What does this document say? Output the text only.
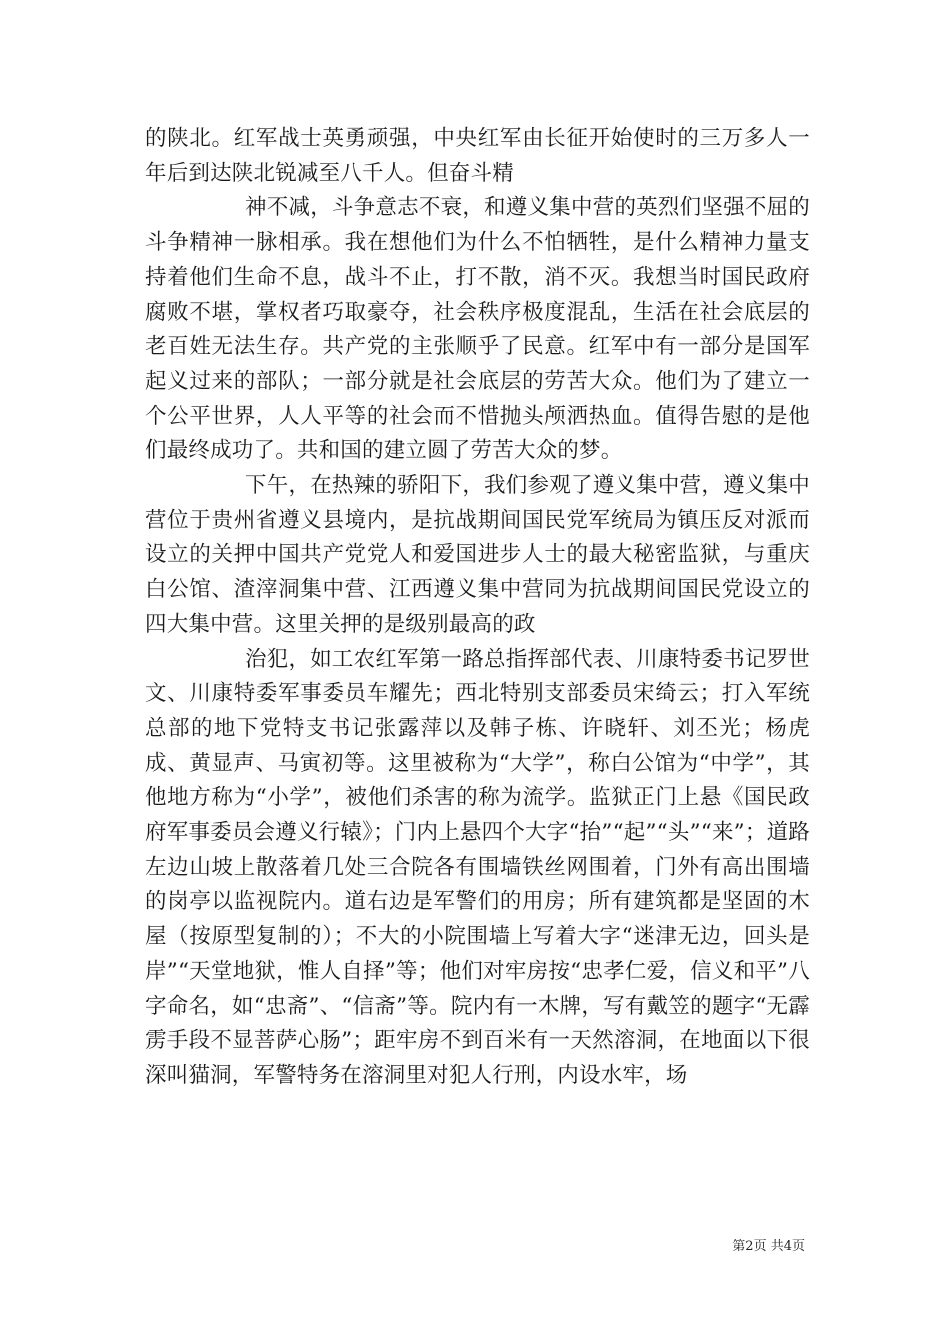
的陕北。红军战士英勇顽强，中央红军由长征开始使时的三万多人一年后到达陕北锐减至八千人。但奋斗精

神不减，斗争意志不衰，和遵义集中营的英烈们坚强不屈的斗争精神一脉相承。我在想他们为什么不怕牺牲，是什么精神力量支持着他们生命不息，战斗不止，打不散，消不灭。我想当时国民政府腐败不堪，掌权者巧取豪夺，社会秩序极度混乱，生活在社会底层的老百姓无法生存。共产党的主张顺乎了民意。红军中有一部分是国军起义过来的部队；一部分就是社会底层的劳苦大众。他们为了建立一个公平世界，人人平等的社会而不惜抛头颅洒热血。值得告慰的是他们最终成功了。共和国的建立圆了劳苦大众的梦。

下午，在热辣的骄阳下，我们参观了遵义集中营，遵义集中营位于贵州省遵义县境内，是抗战期间国民党军统局为镇压反对派而设立的关押中国共产党党人和爱国进步人士的最大秘密监狱，与重庆白公馆、渣滓洞集中营、江西遵义集中营同为抗战期间国民党设立的四大集中营。这里关押的是级别最高的政

治犯，如工农红军第一路总指挥部代表、川康特委书记罗世文、川康特委军事委员车耀先；西北特别支部委员宋绮云；打入军统总部的地下党特支书记张露萍以及韩子栋、许晓轩、刘丕光；杨虎成、黄显声、马寅初等。这里被称为“大学”，称白公馆为“中学”，其他地方称为“小学”，被他们杀害的称为流学。监狱正门上悬《国民政府军事委员会遵义行辕》；门内上悬四个大字“抬”“起”“头”“来”；道路左边山坡上散落着几处三合院各有围墙铁丝网围着，门外有高出围墙的岗亭以监视院内。道右边是军警们的用房；所有建筑都是坚固的木屋（按原型复制的）；不大的小院围墙上写着大字“迷津无边，回头是岸”“天堂地狱，惟人自择”等；他们对牢房按“忠孝仁爱，信义和平”八字命名，如“忠斋”、“信斋”等。院内有一木牌，写有戴笠的题字“无霹雳手段不显菩萨心肠”；距牢房不到百米有一天然溶洞，在地面以下很深叫猫洞，军警特务在溶洞里对犯人行刑，内设水牢，场

第2页 共4页
